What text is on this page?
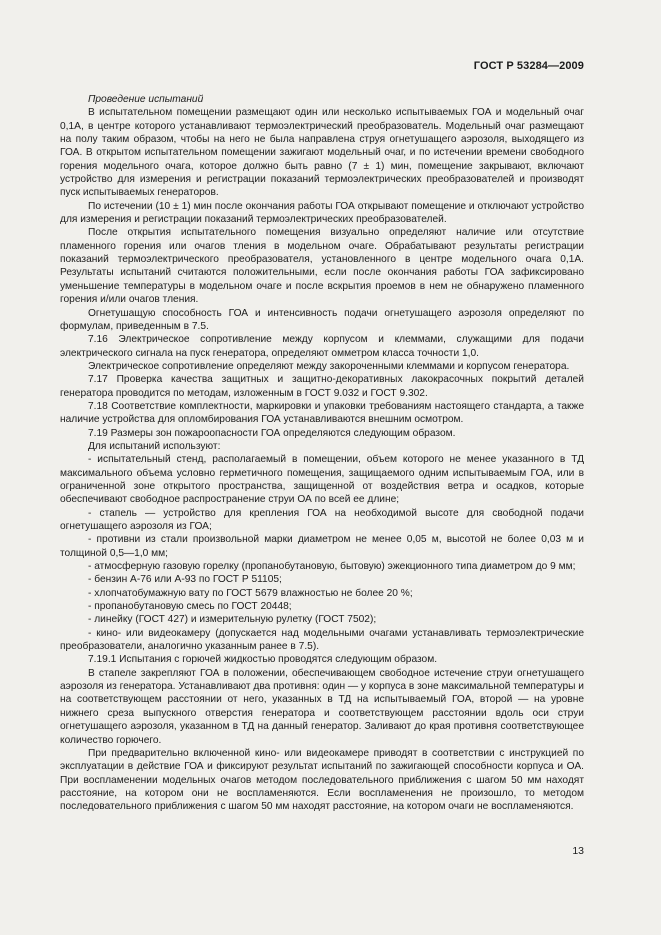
ГОСТ Р 53284—2009

Проведение испытаний

В испытательном помещении размещают один или несколько испытываемых ГОА и модельный очаг 0,1А, в центре которого устанавливают термоэлектрический преобразователь. Модельный очаг размещают на полу таким образом, чтобы на него не была направлена струя огнетушащего аэрозоля, выходящего из ГОА. В открытом испытательном помещении зажигают модельный очаг, и по истечении времени свободного горения модельного очага, которое должно быть равно (7 ± 1) мин, помещение закрывают, включают устройство для измерения и регистрации показаний термоэлектрических преобразователей и производят пуск испытываемых генераторов.

По истечении (10 ± 1) мин после окончания работы ГОА открывают помещение и отключают устройство для измерения и регистрации показаний термоэлектрических преобразователей.

После открытия испытательного помещения визуально определяют наличие или отсутствие пламенного горения или очагов тления в модельном очаге. Обрабатывают результаты регистрации показаний термоэлектрического преобразователя, установленного в центре модельного очага 0,1А. Результаты испытаний считаются положительными, если после окончания работы ГОА зафиксировано уменьшение температуры в модельном очаге и после вскрытия проемов в нем не обнаружено пламенного горения и/или очагов тления.

Огнетушащую способность ГОА и интенсивность подачи огнетушащего аэрозоля определяют по формулам, приведенным в 7.5.

7.16 Электрическое сопротивление между корпусом и клеммами, служащими для подачи электрического сигнала на пуск генератора, определяют омметром класса точности 1,0.

Электрическое сопротивление определяют между закороченными клеммами и корпусом генератора.

7.17 Проверка качества защитных и защитно-декоративных лакокрасочных покрытий деталей генератора проводится по методам, изложенным в ГОСТ 9.032 и ГОСТ 9.302.

7.18 Соответствие комплектности, маркировки и упаковки требованиям настоящего стандарта, а также наличие устройства для опломбирования ГОА устанавливаются внешним осмотром.

7.19 Размеры зон пожароопасности ГОА определяются следующим образом.

Для испытаний используют:

- испытательный стенд, располагаемый в помещении, объем которого не менее указанного в ТД максимального объема условно герметичного помещения, защищаемого одним испытываемым ГОА, или в ограниченной зоне открытого пространства, защищенной от воздействия ветра и осадков, которые обеспечивают свободное распространение струи ОА по всей ее длине;

- стапель — устройство для крепления ГОА на необходимой высоте для свободной подачи огнетушащего аэрозоля из ГОА;

- противни из стали произвольной марки диаметром не менее 0,05 м, высотой не более 0,03 м и толщиной 0,5—1,0 мм;

- атмосферную газовую горелку (пропанобутановую, бытовую) эжекционного типа диаметром до 9 мм;

- бензин А-76 или А-93 по ГОСТ Р 51105;

- хлопчатобумажную вату по ГОСТ 5679 влажностью не более 20 %;

- пропанобутановую смесь по ГОСТ 20448;

- линейку (ГОСТ 427) и измерительную рулетку (ГОСТ 7502);

- кино- или видеокамеру (допускается над модельными очагами устанавливать термоэлектрические преобразователи, аналогично указанным ранее в 7.5).

7.19.1 Испытания с горючей жидкостью проводятся следующим образом.

В стапеле закрепляют ГОА в положении, обеспечивающем свободное истечение струи огнетушащего аэрозоля из генератора. Устанавливают два противня: один — у корпуса в зоне максимальной температуры и на соответствующем расстоянии от него, указанных в ТД на испытываемый ГОА, второй — на уровне нижнего среза выпускного отверстия генератора и соответствующем расстоянии вдоль оси струи огнетушащего аэрозоля, указанном в ТД на данный генератор. Заливают до края противня соответствующее количество горючего.

При предварительно включенной кино- или видеокамере приводят в соответствии с инструкцией по эксплуатации в действие ГОА и фиксируют результат испытаний по зажигающей способности корпуса и ОА. При воспламенении модельных очагов методом последовательного приближения с шагом 50 мм находят расстояние, на котором они не воспламеняются. Если воспламенения не произошло, то методом последовательного приближения с шагом 50 мм находят расстояние, на котором очаги не воспламеняются.

13
